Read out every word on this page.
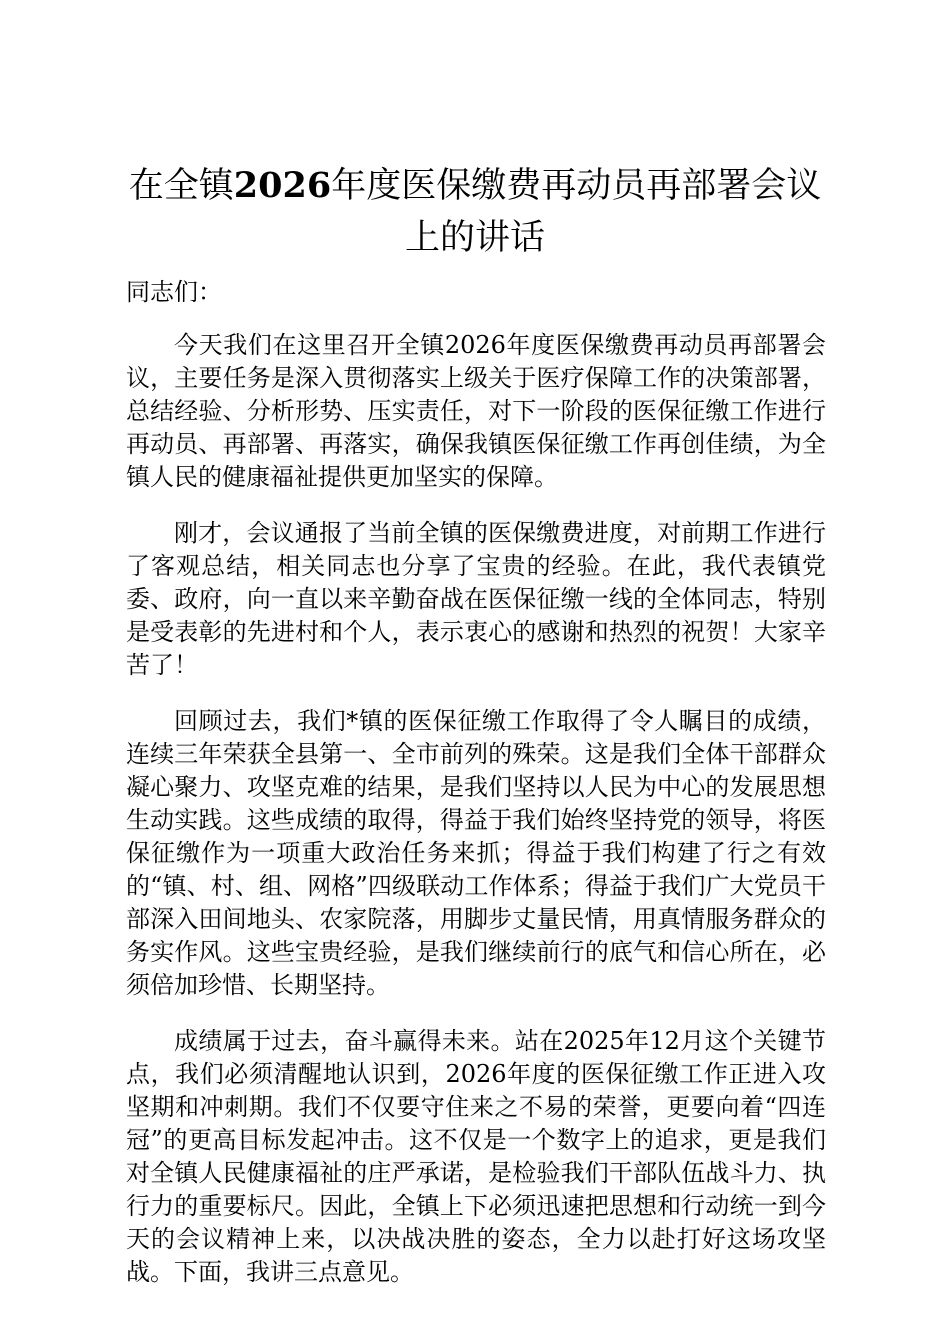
在全镇2026年度医保缴费再动员再部署会议
上的讲话

同志们：

今天我们在这里召开全镇2026年度医保缴费再动员再部署会议，主要任务是深入贯彻落实上级关于医疗保障工作的决策部署，总结经验、分析形势、压实责任，对下一阶段的医保征缴工作进行再动员、再部署、再落实，确保我镇医保征缴工作再创佳绩，为全镇人民的健康福祉提供更加坚实的保障。

刚才，会议通报了当前全镇的医保缴费进度，对前期工作进行了客观总结，相关同志也分享了宝贵的经验。在此，我代表镇党委、政府，向一直以来辛勤奋战在医保征缴一线的全体同志，特别是受表彰的先进村和个人，表示衷心的感谢和热烈的祝贺！大家辛苦了！

回顾过去，我们*镇的医保征缴工作取得了令人瞩目的成绩，连续三年荣获全县第一、全市前列的殊荣。这是我们全体干部群众凝心聚力、攻坚克难的结果，是我们坚持以人民为中心的发展思想生动实践。这些成绩的取得，得益于我们始终坚持党的领导，将医保征缴作为一项重大政治任务来抓；得益于我们构建了行之有效的“镇、村、组、网格”四级联动工作体系；得益于我们广大党员干部深入田间地头、农家院落，用脚步丈量民情，用真情服务群众的务实作风。这些宝贵经验，是我们继续前行的底气和信心所在，必须倍加珍惜、长期坚持。

成绩属于过去，奋斗赢得未来。站在2025年12月这个关键节点，我们必须清醒地认识到，2026年度的医保征缴工作正进入攻坚期和冲刺期。我们不仅要守住来之不易的荣誉，更要向着“四连冠”的更高目标发起冲击。这不仅是一个数字上的追求，更是我们对全镇人民健康福祉的庄严承诺，是检验我们干部队伍战斗力、执行力的重要标尺。因此，全镇上下必须迅速把思想和行动统一到今天的会议精神上来，以决战决胜的姿态，全力以赴打好这场攻坚战。下面，我讲三点意见。
